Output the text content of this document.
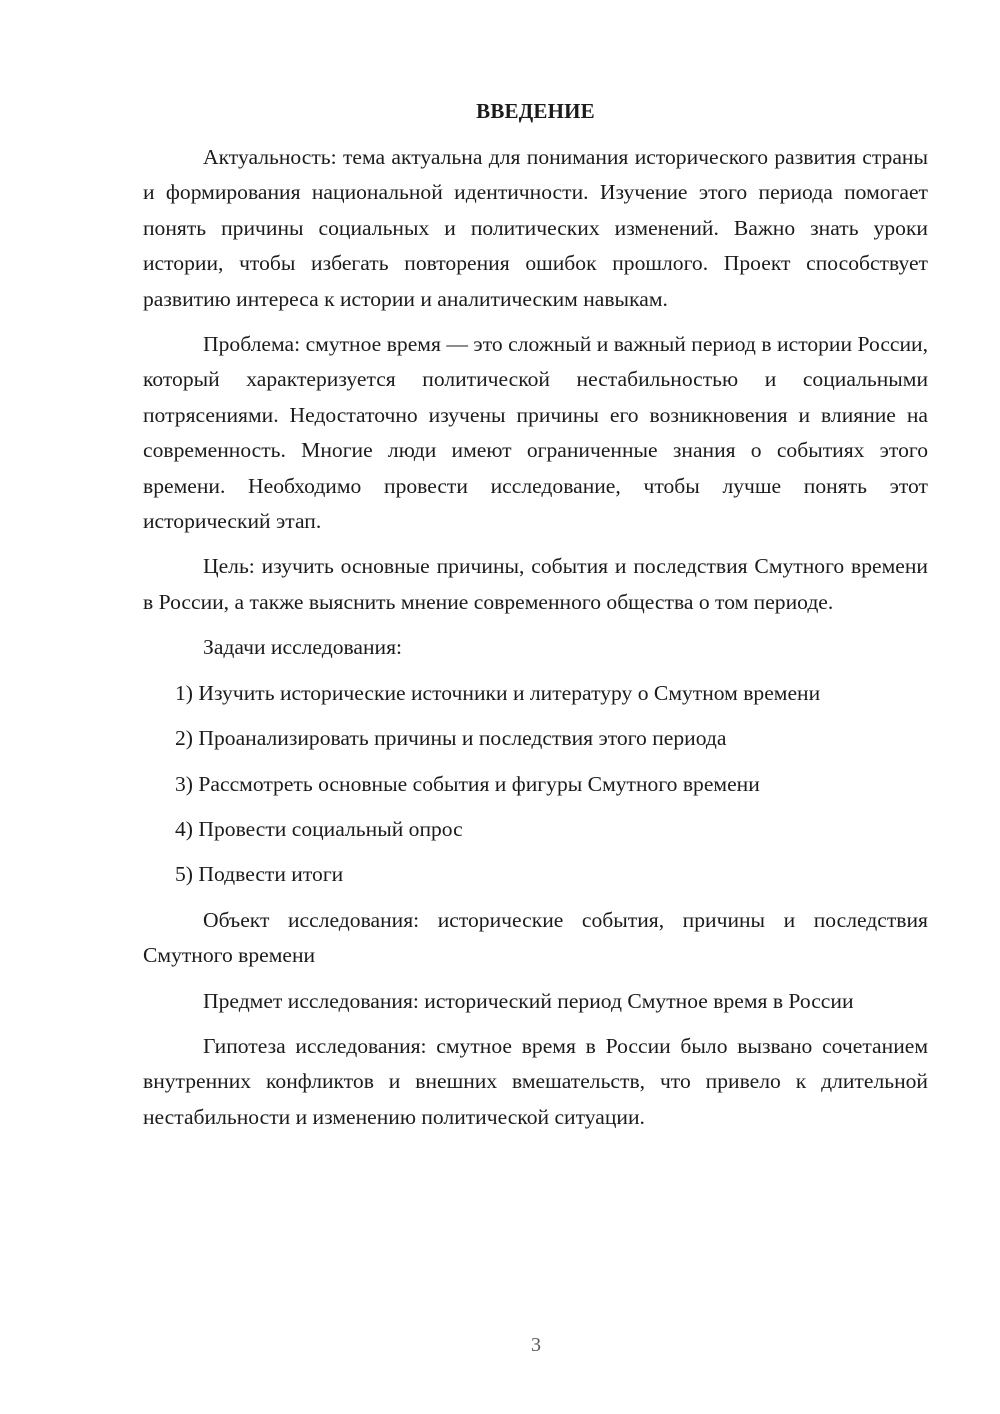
ВВЕДЕНИЕ

Актуальность: тема актуальна для понимания исторического развития страны и формирования национальной идентичности. Изучение этого периода помогает понять причины социальных и политических изменений. Важно знать уроки истории, чтобы избегать повторения ошибок прошлого. Проект способствует развитию интереса к истории и аналитическим навыкам.

Проблема: смутное время — это сложный и важный период в истории России, который характеризуется политической нестабильностью и социальными потрясениями. Недостаточно изучены причины его возникновения и влияние на современность. Многие люди имеют ограниченные знания о событиях этого времени. Необходимо провести исследование, чтобы лучше понять этот исторический этап.

Цель: изучить основные причины, события и последствия Смутного времени в России, а также выяснить мнение современного общества о том периоде.

Задачи исследования:

1) Изучить исторические источники и литературу о Смутном времени
2) Проанализировать причины и последствия этого периода
3) Рассмотреть основные события и фигуры Смутного времени
4) Провести социальный опрос
5) Подвести итоги

Объект исследования: исторические события, причины и последствия Смутного времени

Предмет исследования: исторический период Смутное время в России

Гипотеза исследования: смутное время в России было вызвано сочетанием внутренних конфликтов и внешних вмешательств, что привело к длительной нестабильности и изменению политической ситуации.

3
